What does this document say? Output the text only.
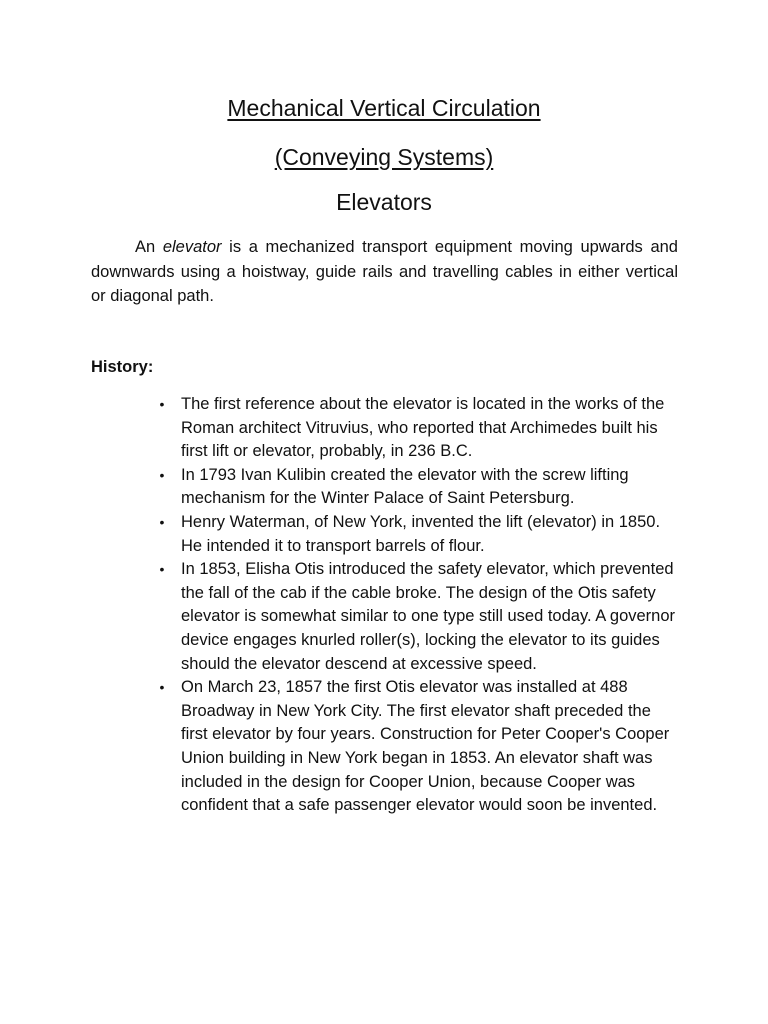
Mechanical Vertical Circulation
(Conveying Systems)
Elevators

An elevator is a mechanized transport equipment moving upwards and downwards using a hoistway, guide rails and travelling cables in either vertical or diagonal path.

History:
• The first reference about the elevator is located in the works of the Roman architect Vitruvius, who reported that Archimedes built his first lift or elevator, probably, in 236 B.C.
• In 1793 Ivan Kulibin created the elevator with the screw lifting mechanism for the Winter Palace of Saint Petersburg.
• Henry Waterman, of New York, invented the lift (elevator) in 1850. He intended it to transport barrels of flour.
• In 1853, Elisha Otis introduced the safety elevator, which prevented the fall of the cab if the cable broke. The design of the Otis safety elevator is somewhat similar to one type still used today. A governor device engages knurled roller(s), locking the elevator to its guides should the elevator descend at excessive speed.
• On March 23, 1857 the first Otis elevator was installed at 488 Broadway in New York City. The first elevator shaft preceded the first elevator by four years. Construction for Peter Cooper's Cooper Union building in New York began in 1853. An elevator shaft was included in the design for Cooper Union, because Cooper was confident that a safe passenger elevator would soon be invented.
